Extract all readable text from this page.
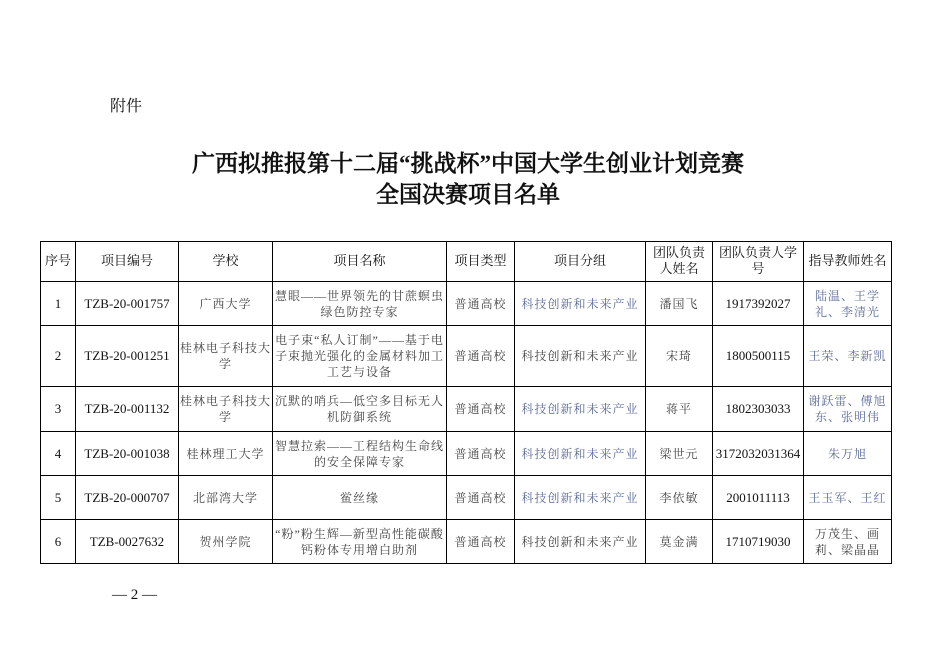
附件
广西拟推报第十二届“挑战杯”中国大学生创业计划竞赛
全国决赛项目名单
序号	项目编号	学校	项目名称	项目类型	项目分组	团队负责人姓名	团队负责人学号	指导教师姓名
1	TZB-20-001757	广西大学	慧眼——世界领先的甘蔗螟虫绿色防控专家	普通高校	科技创新和未来产业	潘国飞	1917392027	陆温、王学礼、李清光
2	TZB-20-001251	桂林电子科技大学	电子束“私人订制”——基于电子束抛光强化的金属材料加工工艺与设备	普通高校	科技创新和未来产业	宋琦	1800500115	王荣、李新凯
3	TZB-20-001132	桂林电子科技大学	沉默的哨兵—低空多目标无人机防御系统	普通高校	科技创新和未来产业	蒋平	1802303033	谢跃雷、傅旭东、张明伟
4	TZB-20-001038	桂林理工大学	智慧拉索——工程结构生命线的安全保障专家	普通高校	科技创新和未来产业	梁世元	3172032031364	朱万旭
5	TZB-20-000707	北部湾大学	鲎丝缘	普通高校	科技创新和未来产业	李依敏	2001011113	王玉军、王红
6	TZB-0027632	贺州学院	“粉”粉生辉—新型高性能碳酸钙粉体专用增白助剂	普通高校	科技创新和未来产业	莫金满	1710719030	万茂生、画莉、梁晶晶
— 2 —
